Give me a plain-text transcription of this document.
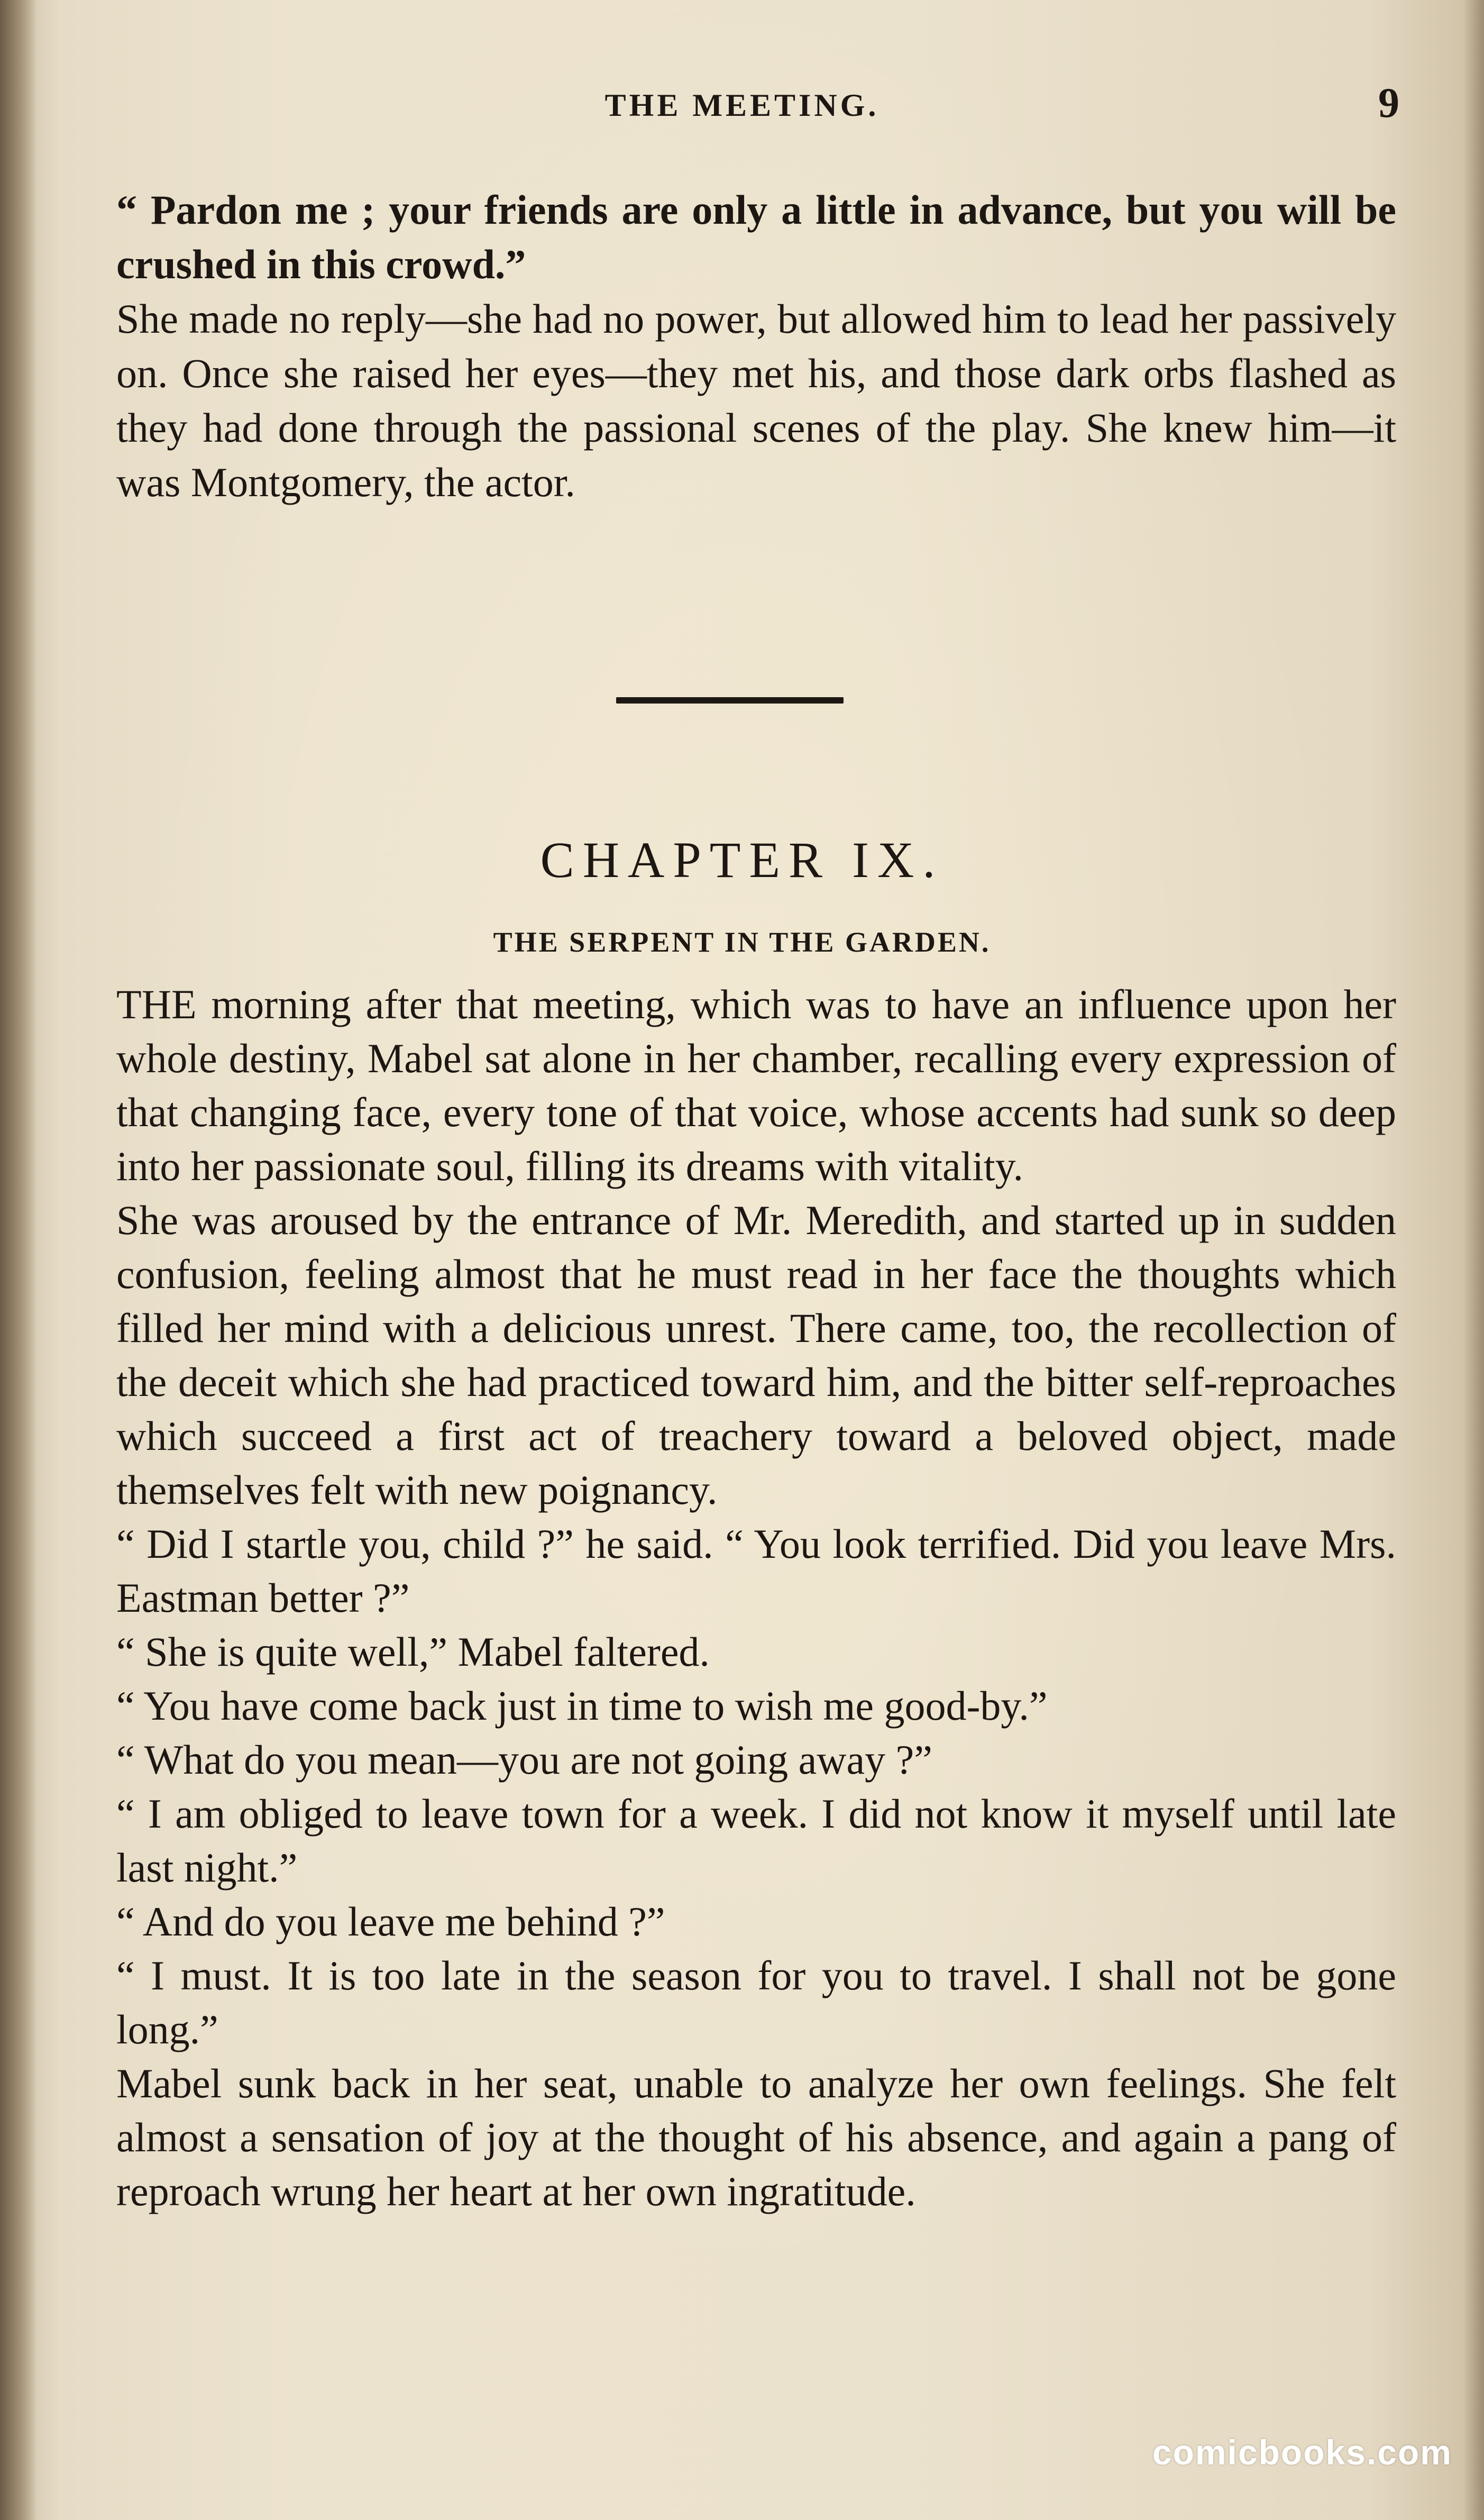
THE MEETING.	9

“ Pardon me ; your friends are only a little in advance, but you will be crushed in this crowd.”

She made no reply—she had no power, but allowed him to lead her passively on. Once she raised her eyes—they met his, and those dark orbs flashed as they had done through the passional scenes of the play. She knew him—it was Montgomery, the actor.

CHAPTER IX.
THE SERPENT IN THE GARDEN.

THE morning after that meeting, which was to have an influence upon her whole destiny, Mabel sat alone in her chamber, recalling every expression of that changing face, every tone of that voice, whose accents had sunk so deep into her passionate soul, filling its dreams with vitality.

She was aroused by the entrance of Mr. Meredith, and started up in sudden confusion, feeling almost that he must read in her face the thoughts which filled her mind with a delicious unrest. There came, too, the recollection of the deceit which she had practiced toward him, and the bitter self-reproaches which succeed a first act of treachery toward a beloved object, made themselves felt with new poignancy.

“ Did I startle you, child ?” he said. “ You look terrified. Did you leave Mrs. Eastman better ?”

“ She is quite well,” Mabel faltered.

“ You have come back just in time to wish me good-by.”

“ What do you mean—you are not going away ?”

“ I am obliged to leave town for a week. I did not know it myself until late last night.”

“ And do you leave me behind ?”

“ I must. It is too late in the season for you to travel. I shall not be gone long.”

Mabel sunk back in her seat, unable to analyze her own feelings. She felt almost a sensation of joy at the thought of his absence, and again a pang of reproach wrung her heart at her own ingratitude.

comicbooks.com
